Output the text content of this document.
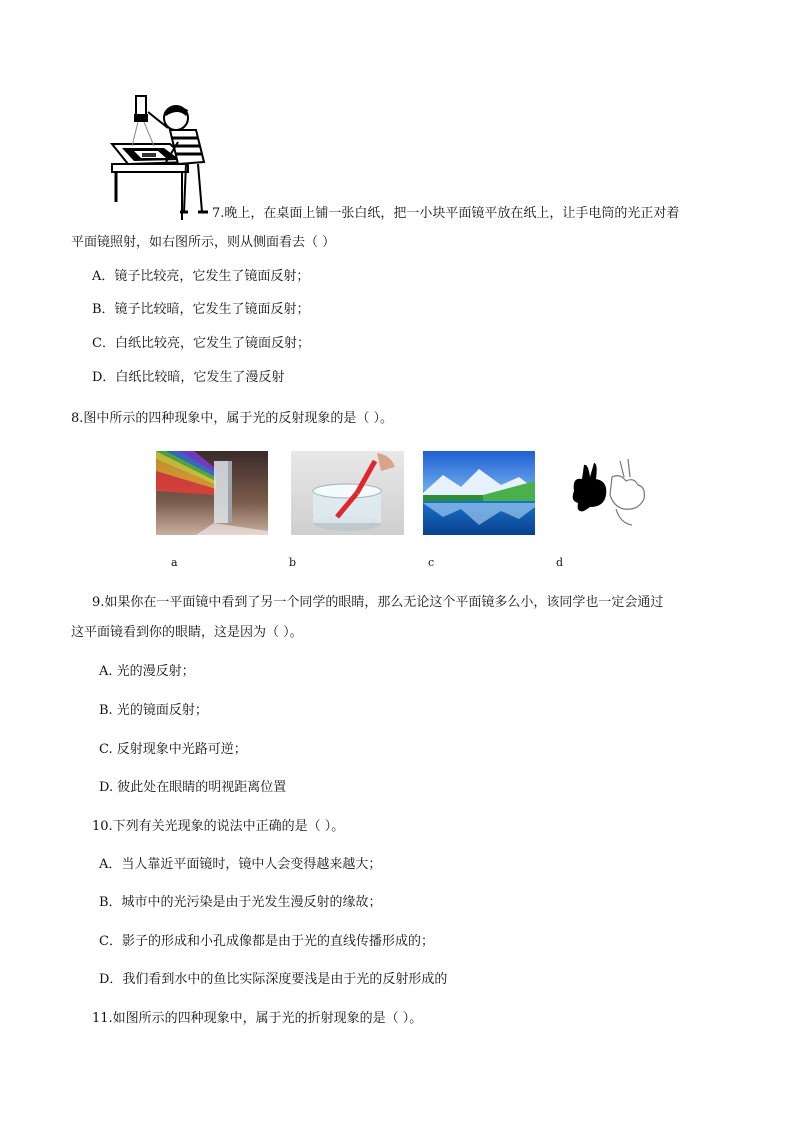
7.晚上，在桌面上铺一张白纸，把一小块平面镜平放在纸上，让手电筒的光正对着
平面镜照射，如右图所示，则从侧面看去（ ）
A．镜子比较亮，它发生了镜面反射；
B．镜子比较暗，它发生了镜面反射；
C．白纸比较亮，它发生了镜面反射；
D．白纸比较暗，它发生了漫反射
8.图中所示的四种现象中，属于光的反射现象的是（ ）。
a	b	c	d
9.如果你在一平面镜中看到了另一个同学的眼睛，那么无论这个平面镜多么小，该同学也一定会通过
这平面镜看到你的眼睛，这是因为（ ）。
A. 光的漫反射；
B. 光的镜面反射；
C. 反射现象中光路可逆；
D. 彼此处在眼睛的明视距离位置
10.下列有关光现象的说法中正确的是（ ）。
A．当人靠近平面镜时，镜中人会变得越来越大；
B．城市中的光污染是由于光发生漫反射的缘故；
C．影子的形成和小孔成像都是由于光的直线传播形成的；
D．我们看到水中的鱼比实际深度要浅是由于光的反射形成的
11.如图所示的四种现象中，属于光的折射现象的是（ ）。
